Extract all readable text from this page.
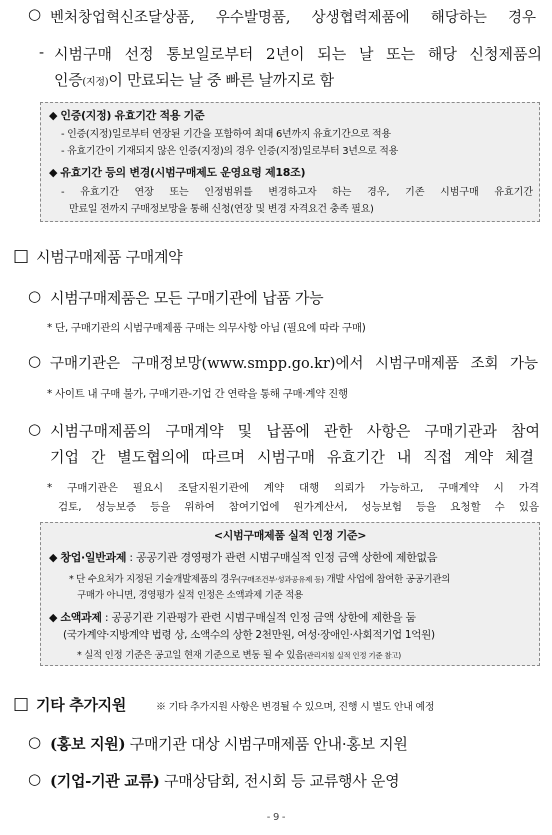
○ 벤처창업혁신조달상품, 우수발명품, 상생협력제품에 해당하는 경우
- 시범구매 선정 통보일로부터 2년이 되는 날 또는 해당 신청제품의
인증(지정)이 만료되는 날 중 빠른 날까지로 함
◆ 인증(지정) 유효기간 적용 기준
- 인증(지정)일로부터 연장된 기간을 포함하여 최대 6년까지 유효기간으로 적용
- 유효기간이 기재되지 않은 인증(지정)의 경우 인증(지정)일로부터 3년으로 적용
◆ 유효기간 등의 변경(시범구매제도 운영요령 제18조)
- 유효기간 연장 또는 인정범위를 변경하고자 하는 경우, 기존 시범구매 유효기간
만료일 전까지 구매정보망을 통해 신청(연장 및 변경 자격요건 충족 필요)
□ 시범구매제품 구매계약
○ 시범구매제품은 모든 구매기관에 납품 가능
* 단, 구매기관의 시범구매제품 구매는 의무사항 아님 (필요에 따라 구매)
○ 구매기관은 구매정보망(www.smpp.go.kr)에서 시범구매제품 조회 가능
* 사이트 내 구매 불가, 구매기관-기업 간 연락을 통해 구매·계약 진행
○ 시범구매제품의 구매계약 및 납품에 관한 사항은 구매기관과 참여
기업 간 별도협의에 따르며 시범구매 유효기간 내 직접 계약 체결
* 구매기관은 필요시 조달지원기관에 계약 대행 의뢰가 가능하고, 구매계약 시 가격
검토, 성능보증 등을 위하여 참여기업에 원가계산서, 성능보험 등을 요청할 수 있음
<시범구매제품 실적 인정 기준>
◆ 창업·일반과제 : 공공기관 경영평가 관련 시범구매실적 인정 금액 상한에 제한없음
* 단 수요처가 지정된 기술개발제품의 경우(구매조건부·성과공유제 등) 개발 사업에 참여한 공공기관의
구매가 아니면, 경영평가 실적 인정은 소액과제 기준 적용
◆ 소액과제 : 공공기관 기관평가 관련 시범구매실적 인정 금액 상한에 제한을 둠
(국가계약·지방계약 법령 상, 소액수의 상한 2천만원, 여성·장애인·사회적기업 1억원)
* 실적 인정 기준은 공고일 현재 기준으로 변동 될 수 있음(관리지침 실적 인정 기준 참고)
□ 기타 추가지원	※ 기타 추가지원 사항은 변경될 수 있으며, 진행 시 별도 안내 예정
○ (홍보 지원) 구매기관 대상 시범구매제품 안내·홍보 지원
○ (기업-기관 교류) 구매상담회, 전시회 등 교류행사 운영
- 9 -
